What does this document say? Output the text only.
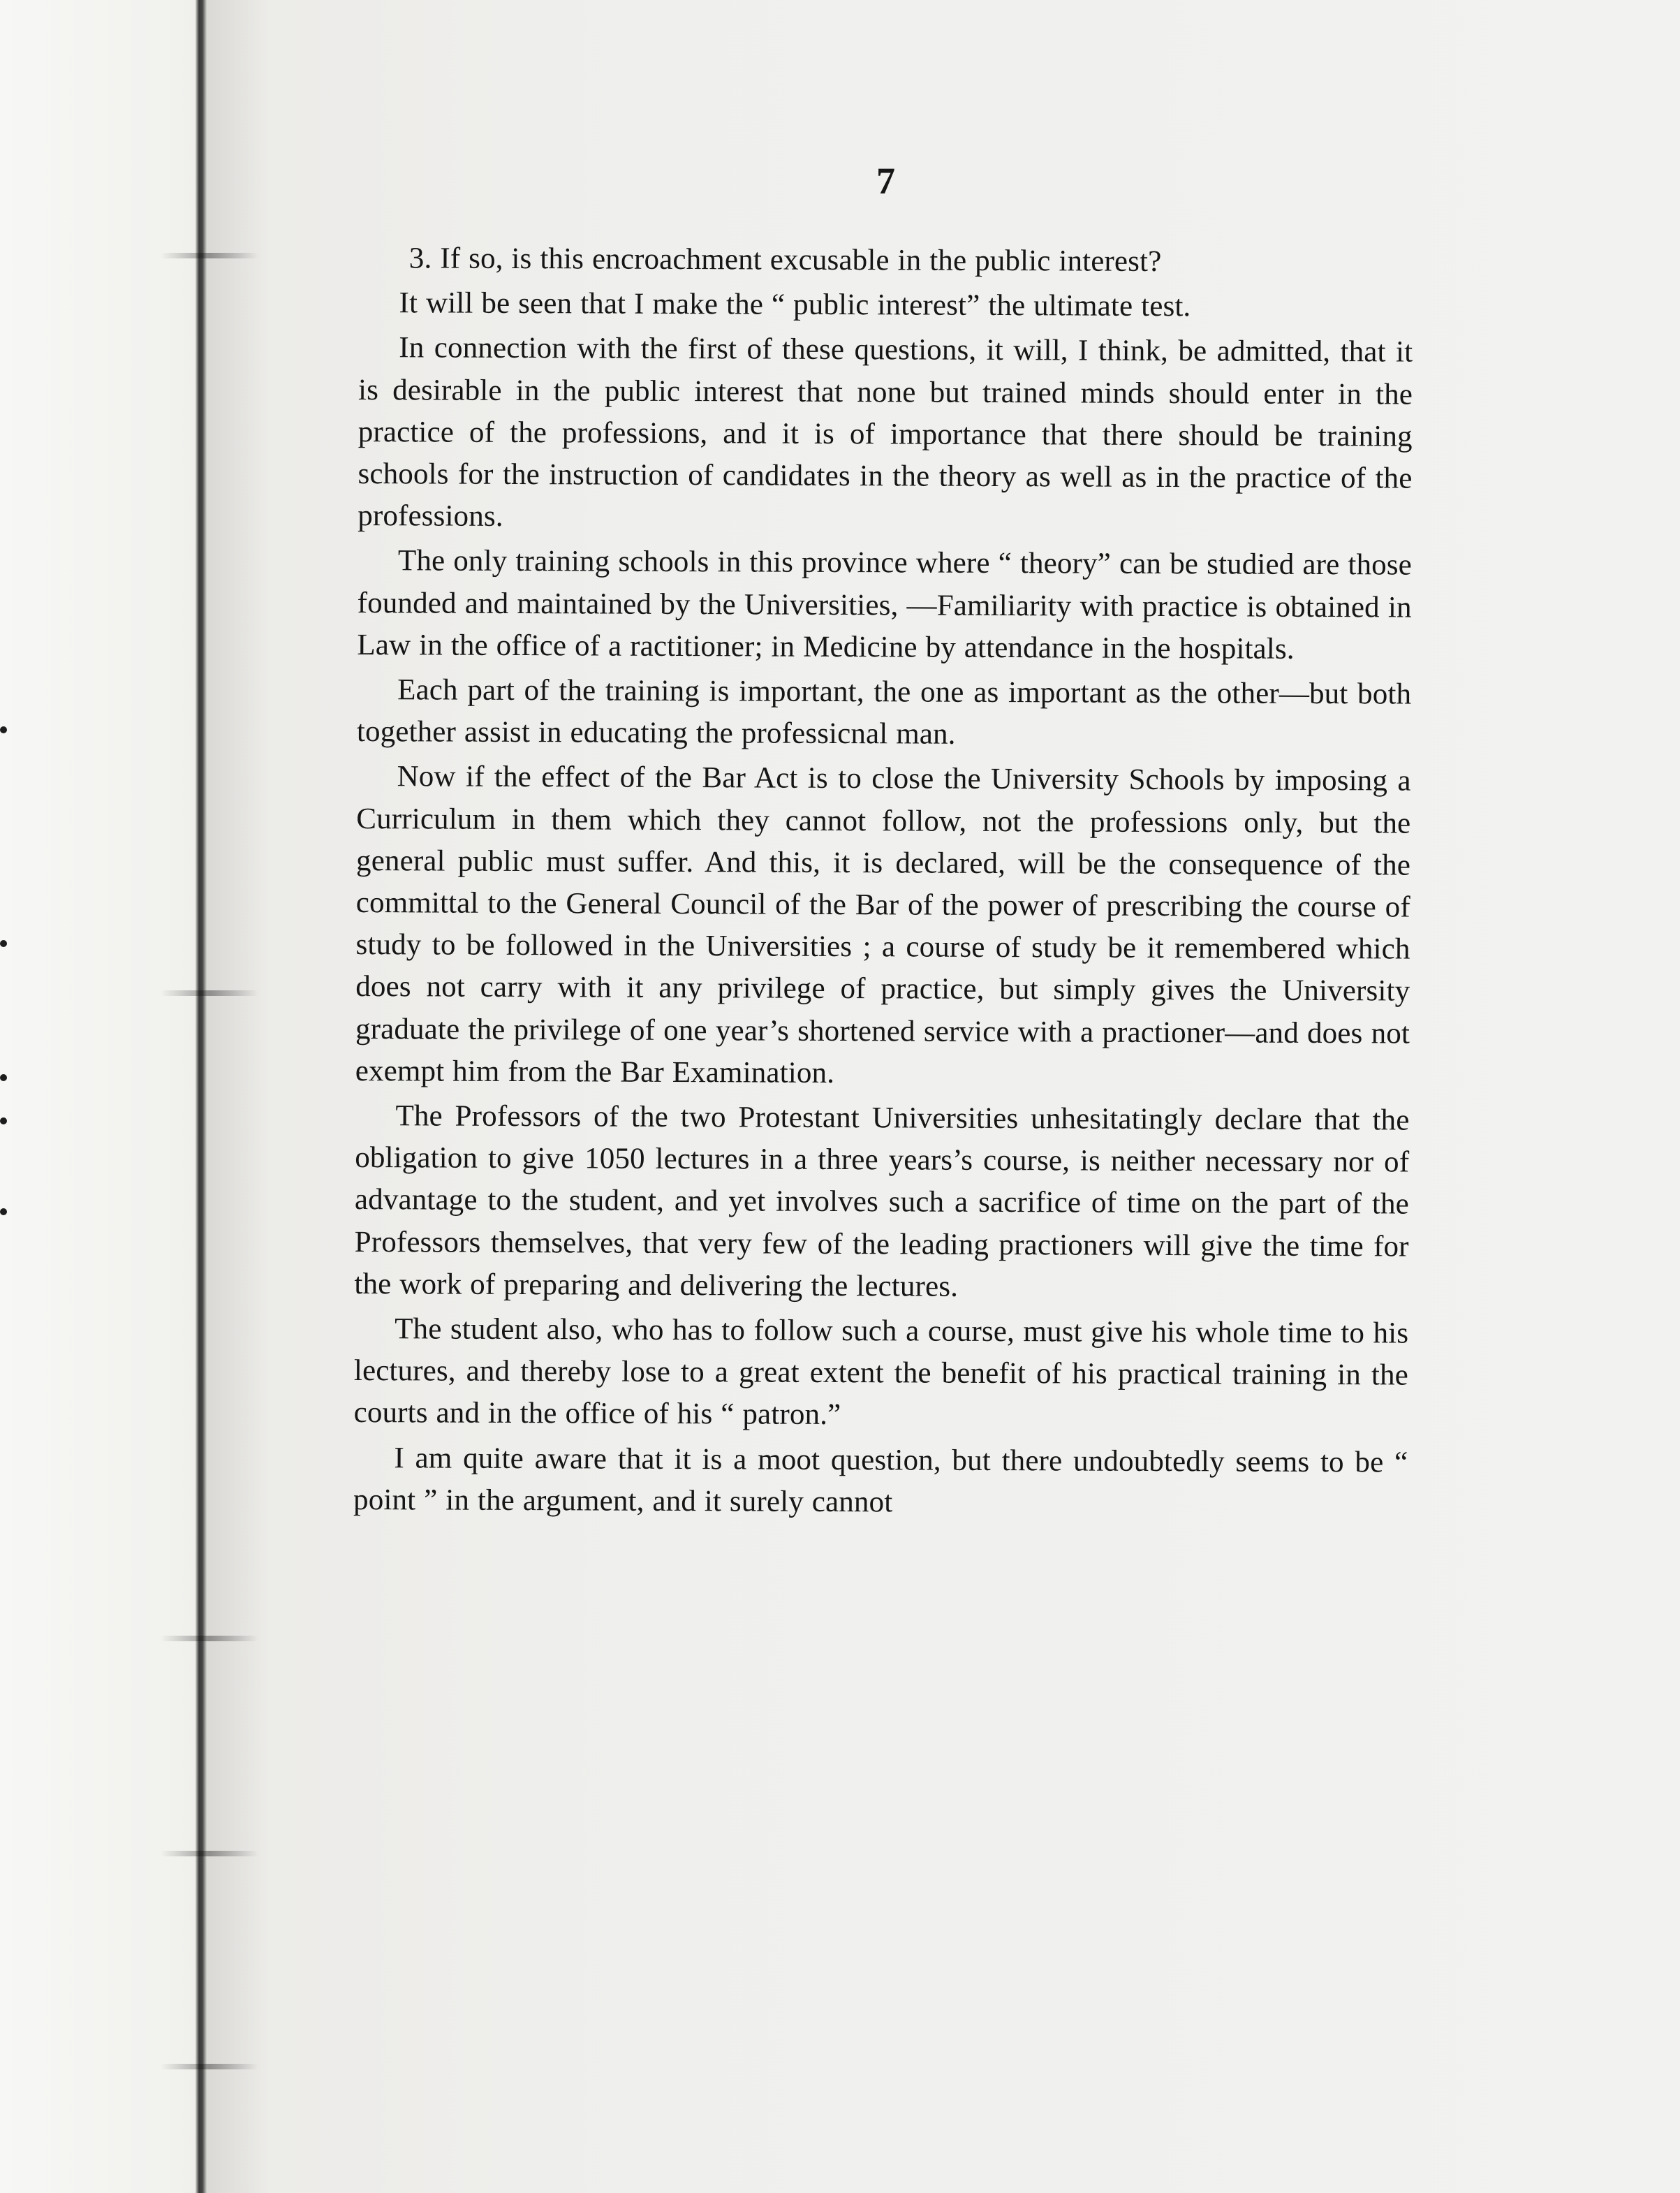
7

3. If so, is this encroachment excusable in the public interest?

It will be seen that I make the “ public interest” the ultimate test.

In connection with the first of these questions, it will, I think, be admitted, that it is desirable in the public interest that none but trained minds should enter in the practice of the professions, and it is of importance that there should be training schools for the instruction of candidates in the theory as well as in the practice of the professions.

The only training schools in this province where “ theory” can be studied are those founded and maintained by the Universities, —Familiarity with practice is obtained in Law in the office of a ractitioner; in Medicine by attendance in the hospitals.

Each part of the training is important, the one as important as the other—but both together assist in educating the professicnal man.

Now if the effect of the Bar Act is to close the University Schools by imposing a Curriculum in them which they cannot follow, not the professions only, but the general public must suffer. And this, it is declared, will be the consequence of the committal to the General Council of the Bar of the power of prescribing the course of study to be followed in the Universities ; a course of study be it remembered which does not carry with it any privilege of practice, but simply gives the University graduate the privilege of one year’s shortened service with a practioner—and does not exempt him from the Bar Examination.

The Professors of the two Protestant Universities unhesitatingly declare that the obligation to give 1050 lectures in a three years’s course, is neither necessary nor of advantage to the student, and yet involves such a sacrifice of time on the part of the Professors themselves, that very few of the leading practioners will give the time for the work of preparing and delivering the lectures.

The student also, who has to follow such a course, must give his whole time to his lectures, and thereby lose to a great extent the benefit of his practical training in the courts and in the office of his “ patron.”

I am quite aware that it is a moot question, but there undoubtedly seems to be “ point ” in the argument, and it surely cannot
